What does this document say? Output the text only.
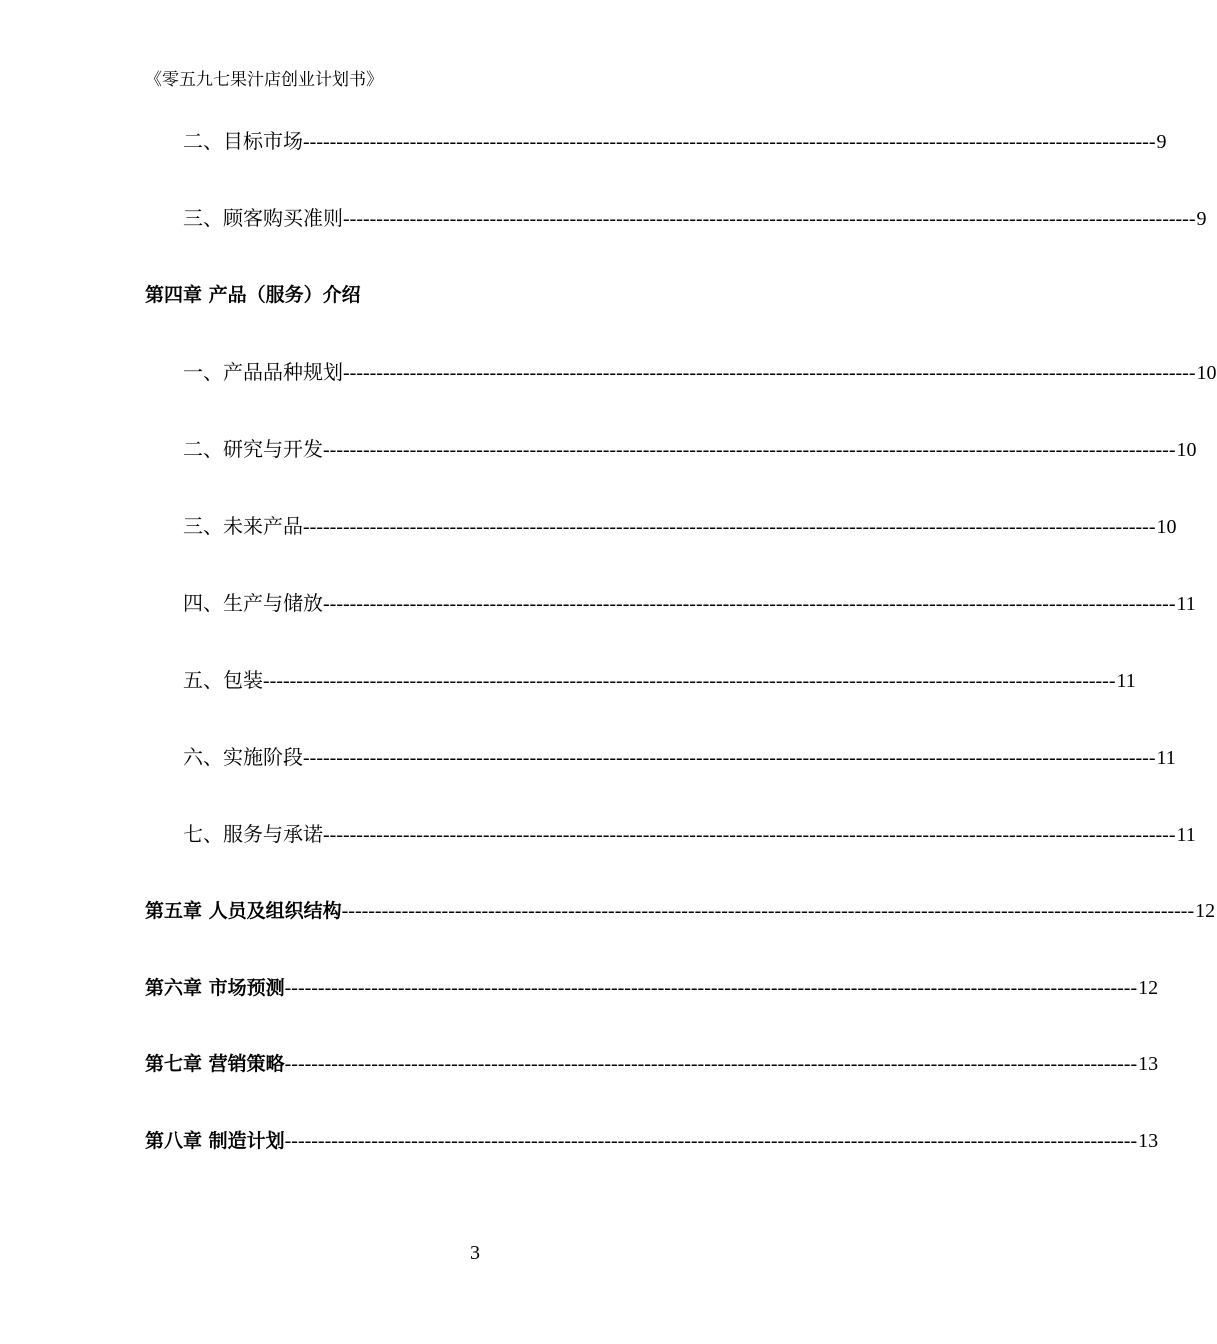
《零五九七果汁店创业计划书》
二、目标市场 -------------------------------------------------------------------------------------------------------------------------------- 9
三、顾客购买准则 -------------------------------------------------------------------------------------------------------------------------------- 9
第四章 产品（服务）介绍
一、产品品种规划 -------------------------------------------------------------------------------------------------------------------------------- 10
二、研究与开发 -------------------------------------------------------------------------------------------------------------------------------- 10
三、未来产品 -------------------------------------------------------------------------------------------------------------------------------- 10
四、生产与储放 -------------------------------------------------------------------------------------------------------------------------------- 11
五、包装 -------------------------------------------------------------------------------------------------------------------------------- 11
六、实施阶段 -------------------------------------------------------------------------------------------------------------------------------- 11
七、服务与承诺 -------------------------------------------------------------------------------------------------------------------------------- 11
第五章 人员及组织结构 -------------------------------------------------------------------------------------------------------------------------------- 12
第六章 市场预测 -------------------------------------------------------------------------------------------------------------------------------- 12
第七章 营销策略 -------------------------------------------------------------------------------------------------------------------------------- 13
第八章 制造计划 -------------------------------------------------------------------------------------------------------------------------------- 13
3
